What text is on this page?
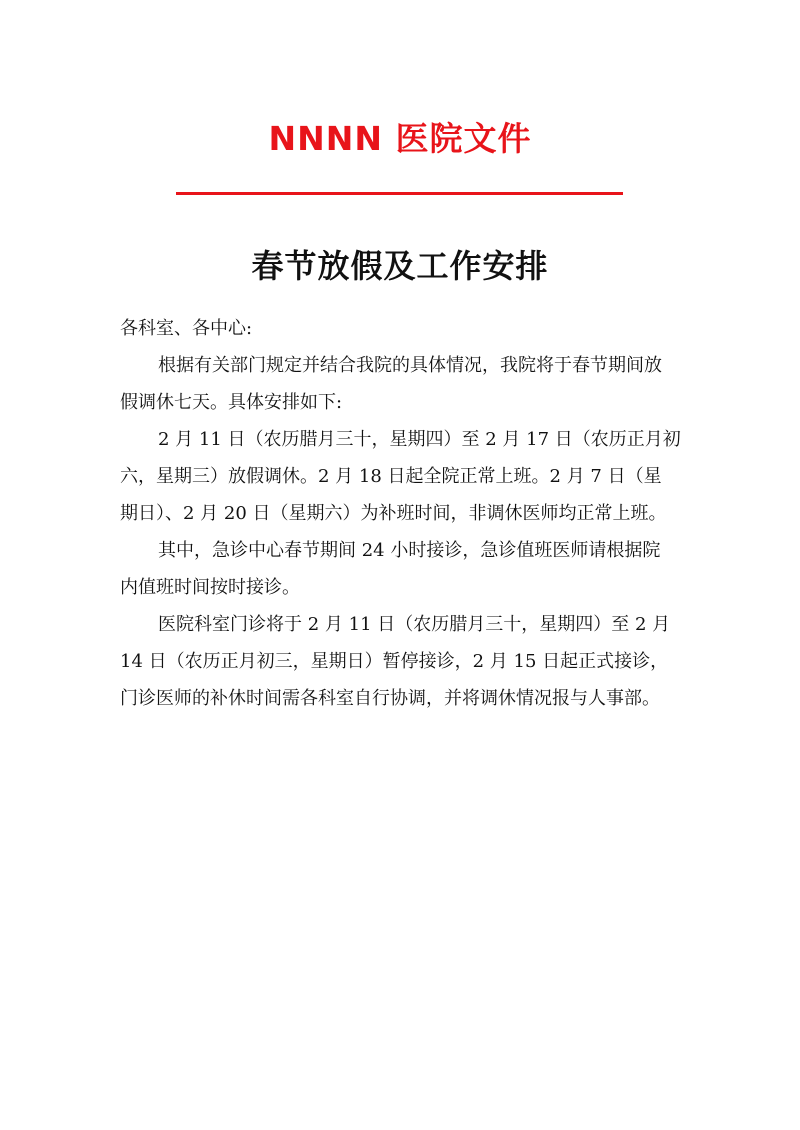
NNNN 医院文件
春节放假及工作安排

各科室、各中心:

根据有关部门规定并结合我院的具体情况，我院将于春节期间放
假调休七天。具体安排如下:

2 月 11 日（农历腊月三十，星期四）至 2 月 17 日（农历正月初
六，星期三）放假调休。2 月 18 日起全院正常上班。2 月 7 日（星
期日）、2 月 20 日（星期六）为补班时间，非调休医师均正常上班。

其中，急诊中心春节期间 24 小时接诊，急诊值班医师请根据院
内值班时间按时接诊。

医院科室门诊将于 2 月 11 日（农历腊月三十，星期四）至 2 月
14 日（农历正月初三，星期日）暂停接诊，2 月 15 日起正式接诊，
门诊医师的补休时间需各科室自行协调，并将调休情况报与人事部。
